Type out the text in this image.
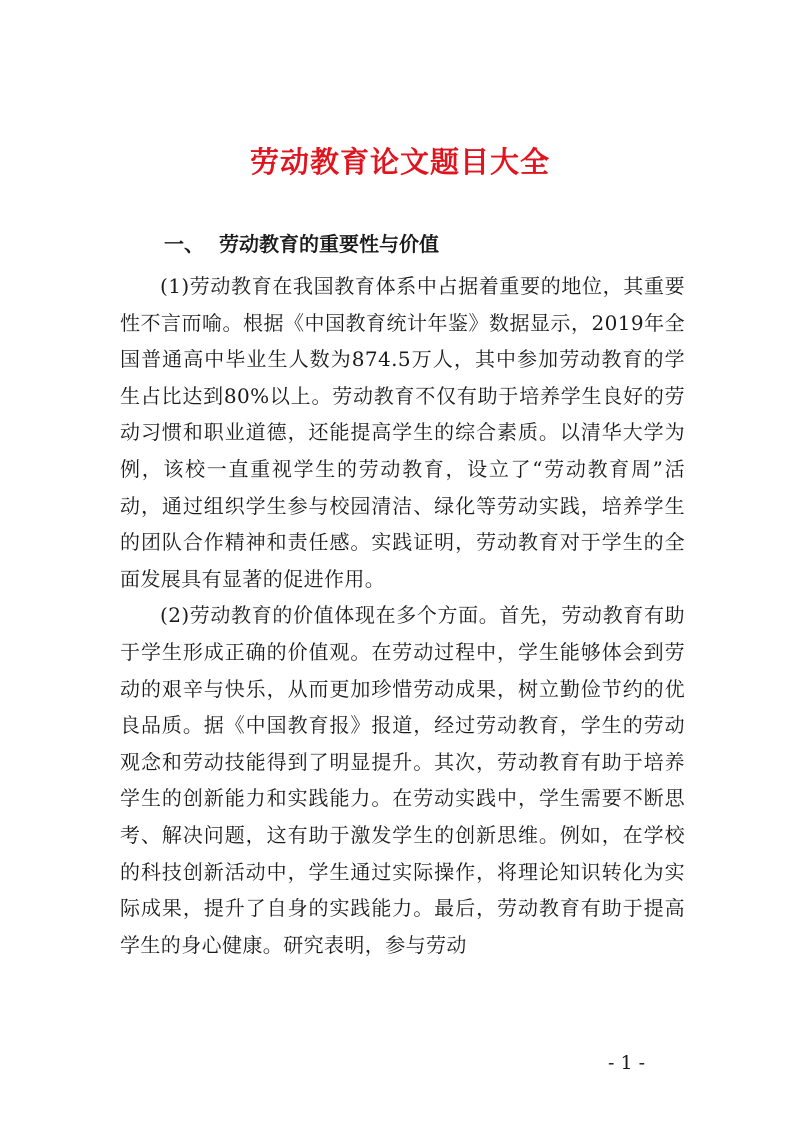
劳动教育论文题目大全
一、 劳动教育的重要性与价值

(1)劳动教育在我国教育体系中占据着重要的地位，其重要性不言而喻。根据《中国教育统计年鉴》数据显示，2019年全国普通高中毕业生人数为874.5万人，其中参加劳动教育的学生占比达到80%以上。劳动教育不仅有助于培养学生良好的劳动习惯和职业道德，还能提高学生的综合素质。以清华大学为例，该校一直重视学生的劳动教育，设立了“劳动教育周”活动，通过组织学生参与校园清洁、绿化等劳动实践，培养学生的团队合作精神和责任感。实践证明，劳动教育对于学生的全面发展具有显著的促进作用。

(2)劳动教育的价值体现在多个方面。首先，劳动教育有助于学生形成正确的价值观。在劳动过程中，学生能够体会到劳动的艰辛与快乐，从而更加珍惜劳动成果，树立勤俭节约的优良品质。据《中国教育报》报道，经过劳动教育，学生的劳动观念和劳动技能得到了明显提升。其次，劳动教育有助于培养学生的创新能力和实践能力。在劳动实践中，学生需要不断思考、解决问题，这有助于激发学生的创新思维。例如，在学校的科技创新活动中，学生通过实际操作，将理论知识转化为实际成果，提升了自身的实践能力。最后，劳动教育有助于提高学生的身心健康。研究表明，参与劳动

- 1 -
